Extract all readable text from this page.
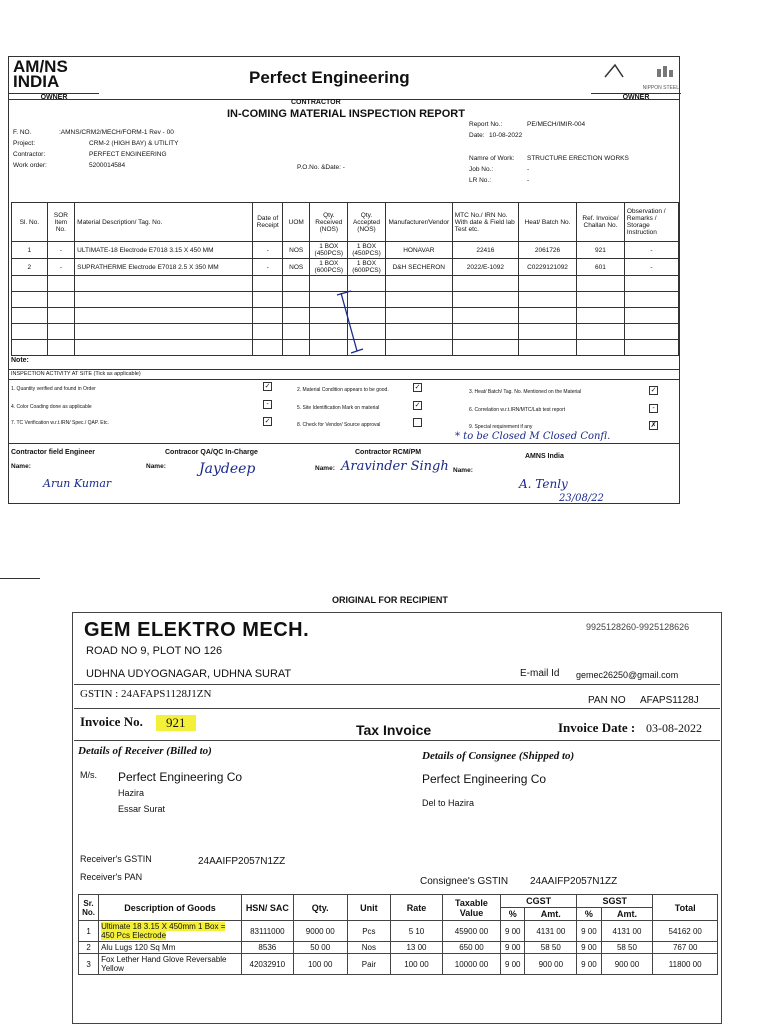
AM/NS INDIA
OWNER
Perfect Engineering
OWNER
NIPPON STEEL
CONTRACTOR
IN-COMING MATERIAL INSPECTION REPORT
Report No.:	PE/MECH/IMIR-004
Date: 10-08-2022
F. NO.	:AMNS/CRM2/MECH/FORM-1 Rev - 00
Project:	CRM-2 (HIGH BAY) & UTILITY
Contractor:	PERFECT ENGINEERING
Work order:	5200014584	P.O.No. &Date: -
Namre of Work: STRUCTURE ERECTION WORKS
Job No.:	-
LR No.:	-
Sl. No.	SOR Item No.	Material Description/ Tag. No.	Date of Receipt	UOM	Qty. Received (NOS)	Qty. Accepted (NOS)	Manufacturer/Vendor	MTC No./ IRN No. With date & Field lab Test etc.	Heat/ Batch No.	Ref. Invoice/ Challan No.	Observation / Remarks / Storage Instruction
1	-	ULTIMATE-18 Electrode E7018 3.15 X 450 MM	-	NOS	1 BOX (450PCS)	1 BOX (450PCS)	HONAVAR	22416	2061726	921	-
2	-	SUPRATHERME Electrode E7018 2.5 X 350 MM	-	NOS	1 BOX (600PCS)	1 BOX (600PCS)	D&H SECHERON	2022/E-1092	C0229121092	601	-

Note:
INSPECTION ACTIVITY AT SITE (Tick as applicable)
1. Quantity verified and found in Order	✓	2. Material Condition appears to be good.	✓
3. Heat/ Batch/ Tag. No. Mentioned on the Material	✓
4. Color Coading done as applicable	-	5. Site Identification Mark on material	✓
6. Correlation w.r.t.IRN/MTC/Lab test report	-
7. TC Verification w.r.t.IRN/ Spec./ QAP. Etc.	✓	8. Check for Vendor/ Source approval	9. Special requirement if any	✗
* to be Closed M Closed Confl.
Contractor field Engineer	Contracor QA/QC In-Charge	Contractor RCM/PM
AMNS India
Name:	Name:	Name:	Name:
Arun Kumar
Jaydeep	Aravinder Singh
A. Tenly
23/08/22
ORIGINAL FOR RECIPIENT
GEM ELEKTRO MECH.	9925128260-9925128626
ROAD NO 9, PLOT NO 126
UDHNA UDYOGNAGAR, UDHNA SURAT	E-mail Id gemec26250@gmail.com
GSTIN : 24AFAPS1128J1ZN
PAN NO AFAPS1128J
Invoice No.	921	Tax Invoice	Invoice Date : 03-08-2022
Details of Receiver (Billed to)	Details of Consignee (Shipped to)
M/s. Perfect Engineering Co
Hazira
Essar Surat
Perfect Engineering Co
Del to Hazira
Receiver's GSTIN	24AAIFP2057N1ZZ
Receiver's PAN	Consignee's GSTIN 24AAIFP2057N1ZZ
Sr. No.	Description of Goods	HSN/ SAC	Qty.	Unit	Rate	Taxable Value	CGST		SGST		Total
							%	Amt.	%	Amt.	
1	Ultimate 18 3.15 X 450mm 1 Box = 450 Pcs Electrode	83111000	9000 00	Pcs	5 10	45900 00	9 00	4131 00	9 00	4131 00	54162 00
2	Alu Lugs 120 Sq Mm	8536	50 00	Nos	13 00	650 00	9 00	58 50	9 00	58 50	767 00
3	Fox Lether Hand Glove Reversable Yellow	42032910	100 00	Pair	100 00	10000 00	9 00	900 00	9 00	900 00	11800 00
